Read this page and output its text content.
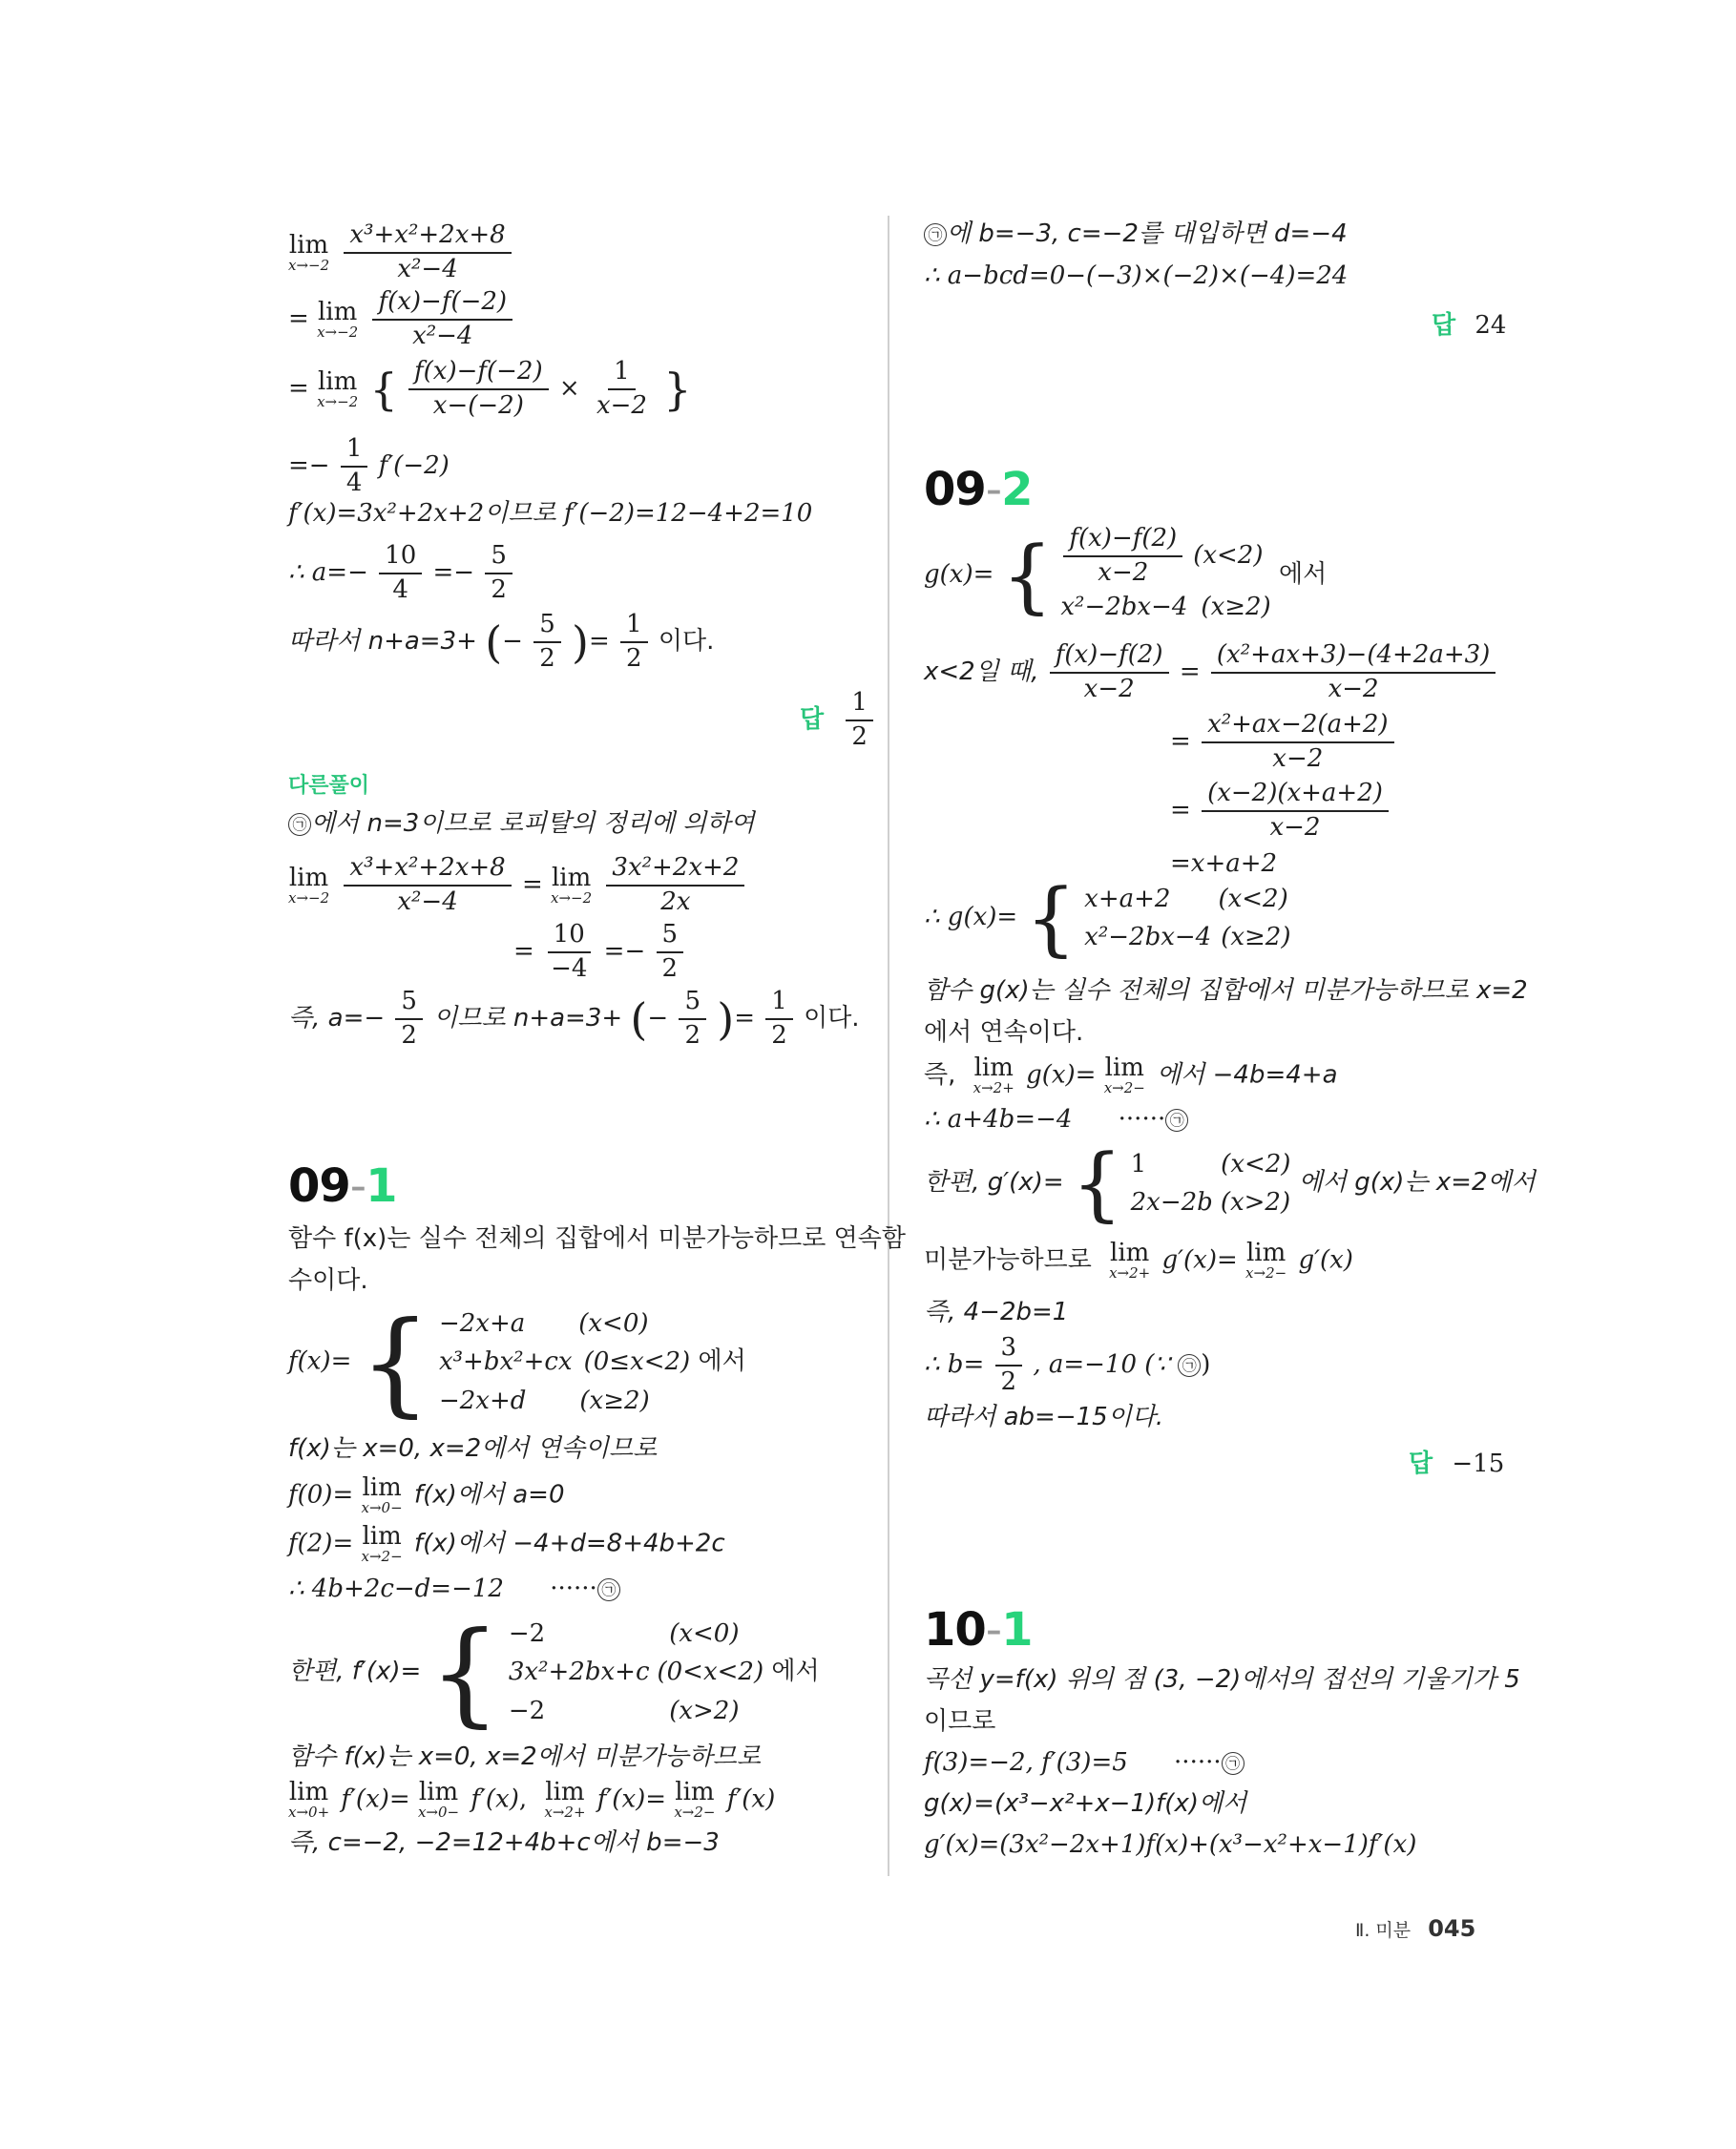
lim
x→−2
$\frac{\text{x³+x²+2x+8}}{\text{x²−4}}$
= lim
x→−2
$\frac{f(x)-f(-2)}{\text{x²−4}}$
= lim
x→−2 { $\frac{f(x)-f(-2)}{x-(-2)} \times \frac{1}{x-2}$ }
=− $\frac{1}{4} f'(-2)$
f′(x)=3x²+2x+2이므로 f′(−2)=12−4+2=10
∴ $a=- \frac{10}{4} =- \frac{5}{2}$
따라서 n+a=3+ (− $\frac{5}{2}$ )= $\frac{1}{2}$ 이다.
답 $\frac{1}{2}$
다른풀이
㉠ 에서 n=3이므로 로피탈의 정리에 의하여
lim
x→−2
$\frac{\text{x³+x²+2x+8}}{\text{x²−4}} = \lim$
x→−2
$\frac{\text{3x²+2x+2}}{2x}$
= $\frac{10}{-4} =- \frac{5}{2}$
즉, $a=- \frac{5}{2}$ 이므로 n+a=3+ (− $\frac{5}{2}$ )= $\frac{1}{2}$ 이다.
09-1
함수 f(x)는 실수 전체의 집합에서 미분가능하므로 연속함
수이다.
f(x)= { −2x+a (x<0)
x³+bx²+cx (0≤x<2)
−2x+d (x≥2)
에서
f(x)는 x=0, x=2에서 연속이므로
f(0)= lim
x→0− f(x)에서 a=0
f(2)= lim
x→2− f(x)에서 −4+d=8+4b+2c
∴ 4b+2c−d=−12 ······ ㉠
한편, f′(x)= { −2	(x<0)
3x²+2bx+c (0<x<2)
−2	(x>2)
에서
함수 f(x)는 x=0, x=2에서 미분가능하므로
lim
x→0+ f′(x)= lim
x→0− f′(x), lim
x→2+ f′(x)= lim
x→2− f′(x)
즉, c=−2, −2=12+4b+c에서 b=−3
㉠ 에 b=−3, c=−2를 대입하면 d=−4
∴ a−bcd=0−(−3)×(−2)×(−4)=24
답 24
09-2
g(x)= { $\frac{f(x)-f(2)}{x-2} (x<2)$
x²−2bx−4 (x≥2)
에서
x<2일 때, $\frac{f(x)-f(2)}{x-2} = \frac{\text{(x²+ax+3)−(4+2a+3)}}{x-2}$
= $\frac{\text{x²+ax−2(a+2)}}{x-2}$
= $\frac{(x-2)(x+a+2)}{x-2}$
=x+a+2
∴ g(x)= { x+a+2 (x<2)
x²−2bx−4 (x≥2)
함수 g(x)는 실수 전체의 집합에서 미분가능하므로 x=2
에서 연속이다.
즉, lim
x→2+ g(x)= lim
x→2− 에서 −4b=4+a
∴ a+4b=−4 ······ ㉠
한편, g′(x)= { 1	(x<2)
2x−2b (x>2)
에서 g(x)는 x=2에서
미분가능하므로 lim
x→2+ g′(x)= lim
x→2− g′(x)
즉, 4−2b=1
∴ $b= \frac{3}{2}$ , a=−10 (∵ ㉠ )
따라서 ab=−15이다.
답 −15
10-1
곡선 y=f(x) 위의 점 (3, −2)에서의 접선의 기울기가 5
이므로
f(3)=−2, f′(3)=5 ······ ㉠
g(x)=(x³−x²+x−1)f(x)에서
g′(x)=(3x²−2x+1)f(x)+(x³−x²+x−1)f′(x)
Ⅱ. 미분 045
